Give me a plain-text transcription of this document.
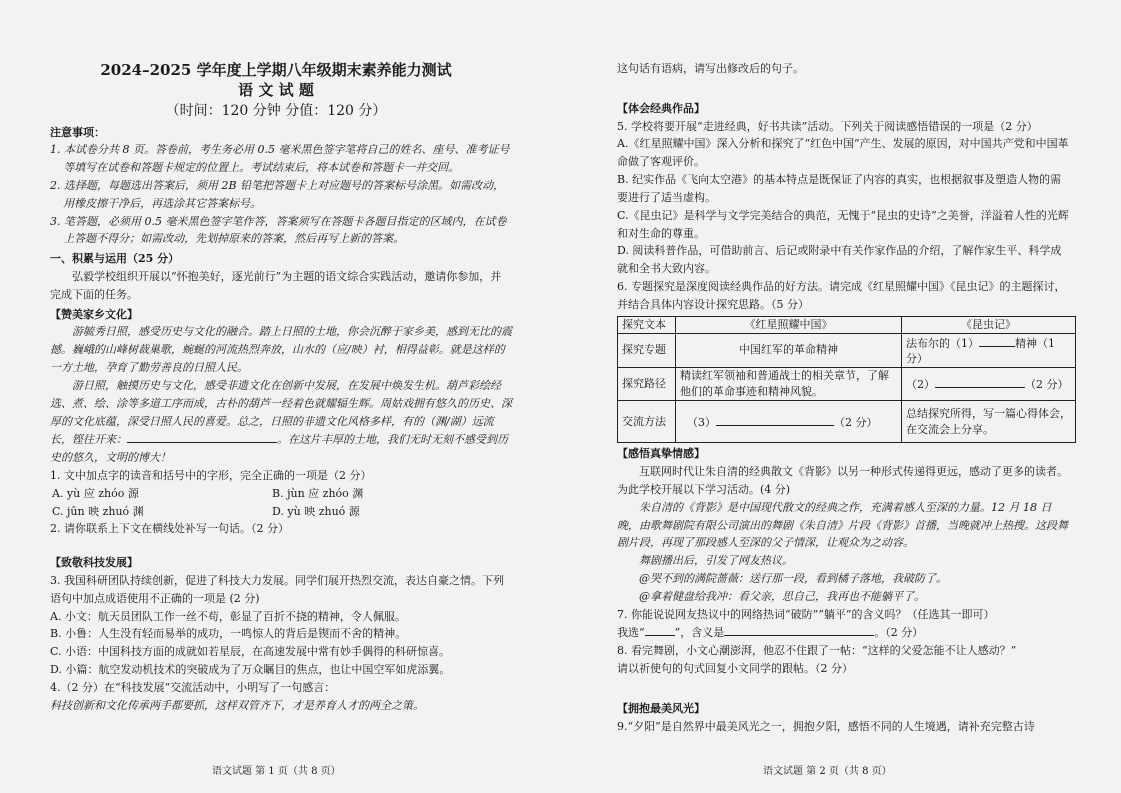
2024–2025 学年度上学期八年级期末素养能力测试
语 文 试 题
（时间：120 分钟 分值：120 分）
注意事项：

1. 本试卷分共 8 页。答卷前，考生务必用 0.5 毫米黑色签字笔将自己的姓名、座号、准考证号等填写在试卷和答题卡规定的位置上。考试结束后，将本试卷和答题卡一并交回。

2. 选择题，每题选出答案后，须用 2B 铅笔把答题卡上对应题号的答案标号涂黑。如需改动，用橡皮擦干净后，再选涂其它答案标号。

3. 笔答题，必须用 0.5 毫米黑色签字笔作答，答案须写在答题卡各题目指定的区域内，在试卷上答题不得分；如需改动，先划掉原来的答案，然后再写上新的答案。

一、积累与运用（25 分）

弘毅学校组织开展以“怀抱美好，逐光前行”为主题的语文综合实践活动，邀请你参加，并完成下面的任务。

【赞美家乡文化】

游毓秀日照，感受历史与文化的融合。踏上日照的土地，你会沉醉于家乡美，感到无比的震撼。巍峨的山峰树裁巢歌，蜿蜒的河流热烈奔放，山水的（应/映）衬，相得益彰。就是这样的一方土地，孕育了勤劳善良的日照人民。

游日照，触摸历史与文化，感受非遗文化在创新中发展，在发展中焕发生机。葫芦彩绘经选、煮、绘、涂等多道工序而成，古朴的葫芦一经着色就耀辐生辉。周姑戏拥有悠久的历史、深厚的文化底蕴，深受日照人民的喜爱。总之，日照的非遗文化风格多样，有的（渊/湖）远流长，铿往开来：	。在这片丰厚的土地，我们无时无刻不感受到历史的悠久，文明的博大！

1. 文中加点字的读音和括号中的字形，完全正确的一项是（2 分）

A. yù 应 zhóo 源	B. jùn 应 zhóo 渊
C. jūn 映 zhuó 渊	D. yù 映 zhuó 源

2. 请你联系上下文在横线处补写一句话。（2 分）

【致敬科技发展】

3. 我国科研团队持续创新，促进了科技大力发展。同学们展开热烈交流，表达自豪之情。下列语句中加点成语使用不正确的一项是 (2 分)

A. 小文：航天员团队工作一丝不苟，彰显了百折不挠的精神，令人佩服。

B. 小鲁：人生没有轻而易举的成功，一鸣惊人的背后是锲而不舍的精神。

C. 小语：中国科技方面的成就如若星辰，在高速发展中常有妙手偶得的科研惊喜。

D. 小篇：航空发动机技术的突破成为了万众瞩目的焦点，也让中国空军如虎添翼。

4.（2 分）在“科技发展”交流活动中，小明写了一句感言：

科技创新和文化传承两手都要抓，这样双管齐下，才是养育人才的两全之策。

语文试题 第 1 页（共 8 页）

这句话有语病，请写出修改后的句子。

【体会经典作品】

5. 学校将要开展“走进经典，好书共读”活动。下列关于阅读感悟错误的一项是（2 分）

A.《红星照耀中国》深入分析和探究了“红色中国”产生、发展的原因，对中国共产党和中国革命做了客观评价。

B. 纪实作品《飞向太空港》的基本特点是既保证了内容的真实，也根据叙事及塑造人物的需要进行了适当虚构。

C.《昆虫记》是科学与文学完美结合的典范，无愧于“昆虫的史诗”之美誉，洋溢着人性的光辉和对生命的尊重。

D. 阅读科普作品，可借助前言、后记或附录中有关作家作品的介绍，了解作家生平、科学成就和全书大致内容。

6. 专题探究是深度阅读经典作品的好方法。请完成《红星照耀中国》《昆虫记》的主题探讨，并结合具体内容设计探究思路。（5 分）

探究文本	《红星照耀中国》	《昆虫记》
探究专题	中国红军的革命精神	法布尔的（1） 精神（1 分）
探究路径	精读红军领袖和普通战士的相关章节，了解他们的革命事迹和精神风貌。	（2） （2 分）
交流方法	（3） （2 分）	总结探究所得，写一篇心得体会，在交流会上分享。
【感悟真挚情感】

互联网时代让朱自清的经典散文《背影》以另一种形式传递得更远，感动了更多的读者。为此学校开展以下学习活动。(4 分)

朱自清的《背影》是中国现代散文的经典之作，充满着感人至深的力量。12 月 18 日晚，由歌舞剧院有限公司演出的舞剧《朱自清》片段《背影》首播，当晚就冲上热搜。这段舞剧片段，再现了那段感人至深的父子情深，让观众为之动容。

舞剧播出后，引发了网友热议。

@哭不到的满院蔷薇：送行那一段，看到橘子落地，我破防了。

@拿着健盘给我冲：看父亲，思自己，我再也不能躺平了。

7. 你能说说网友热议中的网络热词“破防”“躺平”的含义吗？（任选其一即可）

我选“	”，含义是	。（2 分）

8. 看完舞剧，小文心潮澎湃，他忍不住跟了一帖：“这样的父爱怎能不让人感动？”

请以祈使句的句式回复小文同学的跟帖。（2 分）

【拥抱最美风光】

9.“夕阳”是自然界中最美风光之一，拥抱夕阳，感悟不同的人生境遇，请补充完整古诗

语文试题 第 2 页（共 8 页）
